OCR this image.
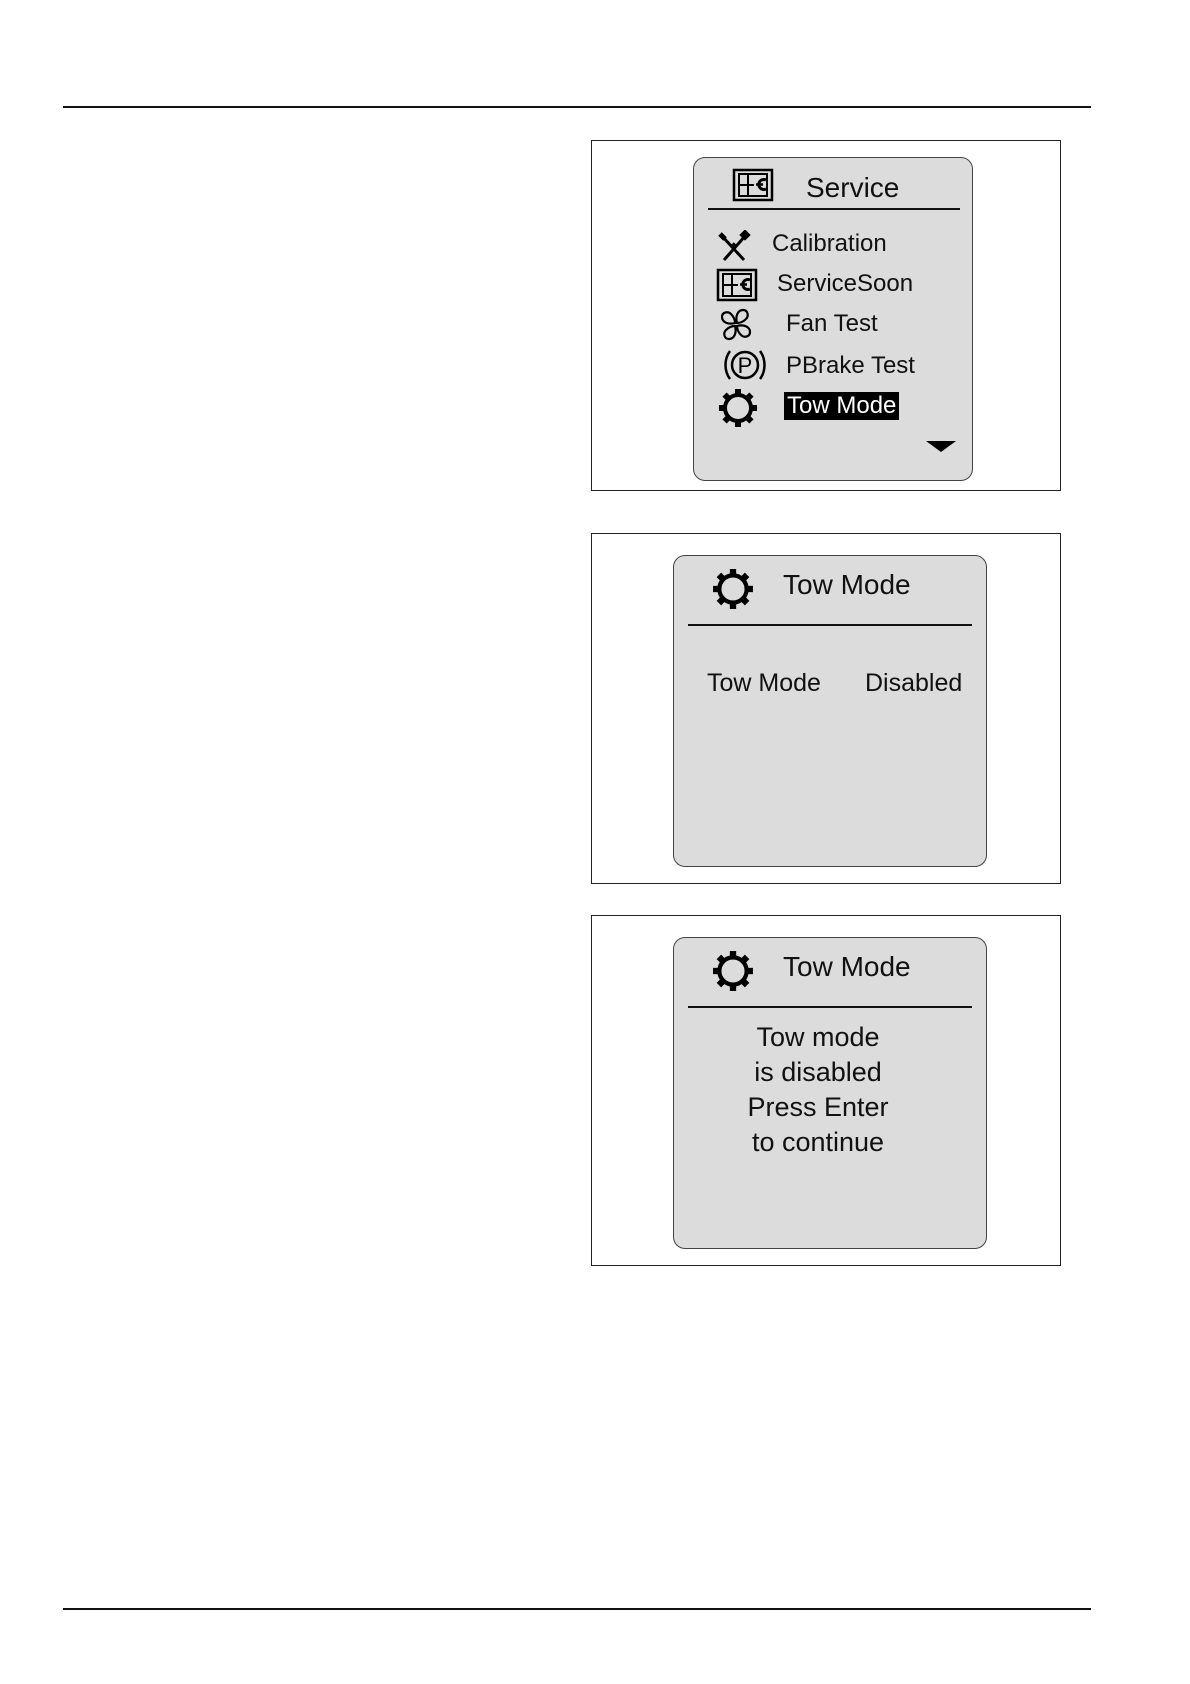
Service
Calibration
ServiceSoon
Fan Test
P PBrake Test
Tow Mode
Tow Mode
Tow Mode Disabled
Tow Mode
Tow mode
is disabled
Press Enter
to continue
